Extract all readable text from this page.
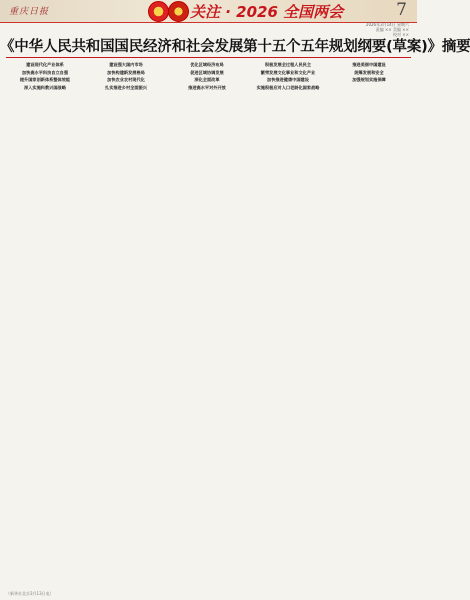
重庆日报	关注 · 2026 全国两会	7
2026年3月14日 星期六
责编 ×× 美编 ××
校对 ××
《中华人民共和国国民经济和社会发展第十五个五年规划纲要(草案)》摘要

建设现代化产业体系

加快高水平科技自立自强

提升国家创新体系整体效能

深入实施科教兴国战略

建设强大国内市场

加快构建新发展格局

加快农业农村现代化

扎实推进乡村全面振兴

优化区域经济布局

促进区域协调发展

深化全面改革

推进高水平对外开放

积极发展全过程人民民主

繁荣发展文化事业和文化产业

加快推进健康中国建设

实施积极应对人口老龄化国家战略

推进美丽中国建设

统筹发展和安全

加强规划实施保障

（新华社北京3月13日电）
